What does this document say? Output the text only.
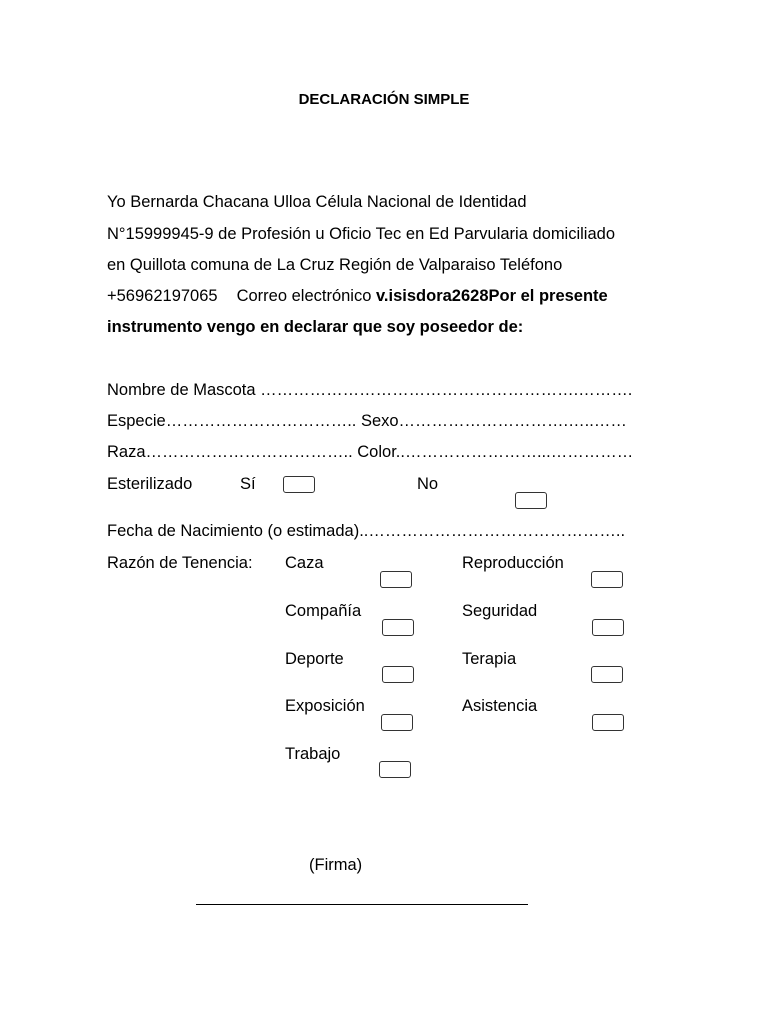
DECLARACIÓN SIMPLE
Yo Bernarda Chacana Ulloa Célula Nacional de Identidad
N°15999945-9 de Profesión u Oficio Tec en Ed Parvularia domiciliado
en Quillota comuna de La Cruz Región de Valparaiso Teléfono
+56962197065 Correo electrónico v.isisdora2628Por el presente
instrumento vengo en declarar que soy poseedor de:
Nombre de Mascota ………………………………………………….……….
Especie…………………………….. Sexo………………………….…..……
Raza……………………………….. Color..……………………...……………
Esterilizado	Sí	No
Fecha de Nacimiento (o estimada)..………………………………………..
Razón de Tenencia: Caza
Compañía
Deporte
Exposición
Trabajo
Reproducción
Seguridad
Terapia
Asistencia
(Firma)
